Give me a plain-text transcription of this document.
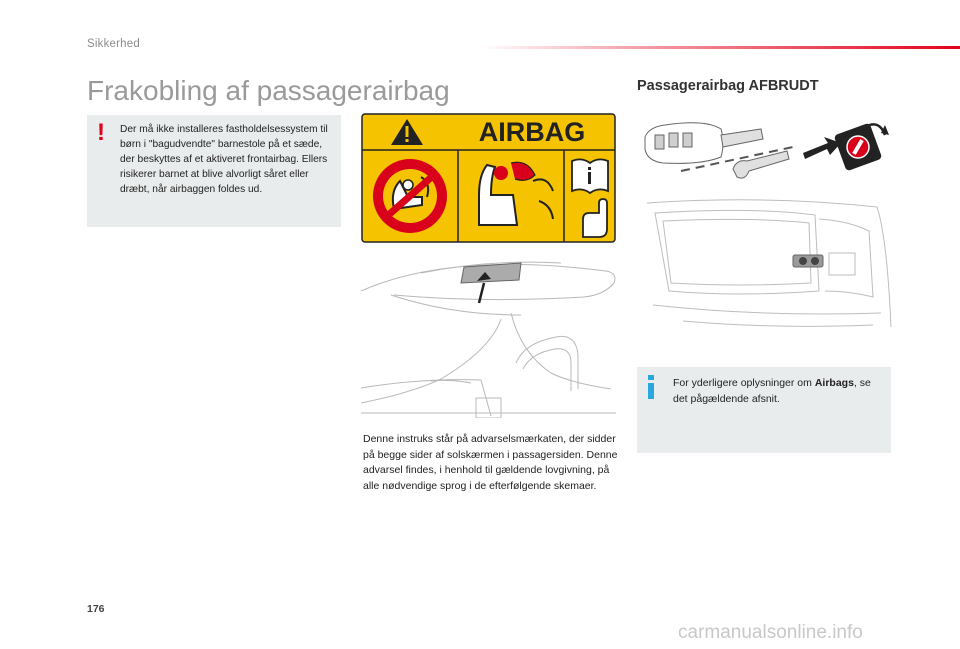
Sikkerhed
Frakobling af passagerairbag
! Der må ikke installeres fastholdelsessystem til børn i "bagudvendte" barnestole på et sæde, der beskyttes af et aktiveret frontairbag. Ellers risikerer barnet at blive alvorligt såret eller dræbt, når airbaggen foldes ud.
AIRBAG
Denne instruks står på advarselsmærkaten, der sidder på begge sider af solskærmen i passagersiden. Denne advarsel findes, i henhold til gældende lovgivning, på alle nødvendige sprog i de efterfølgende skemaer.
Passagerairbag AFBRUDT
For yderligere oplysninger om Airbags, se det pågældende afsnit.
176
carmanualsonline.info
